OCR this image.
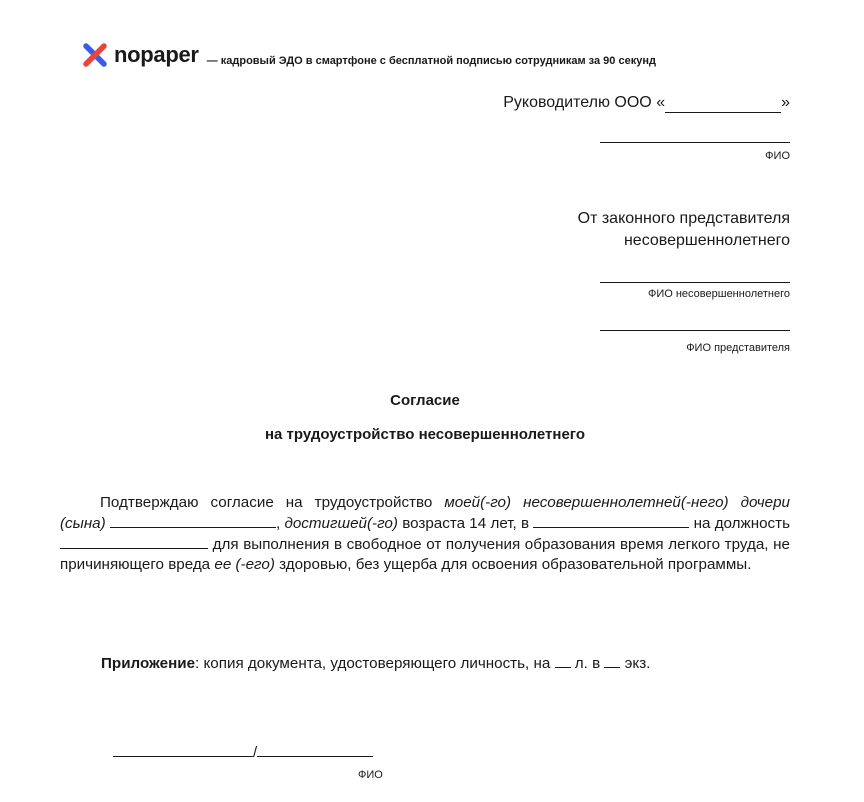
nopaper — кадровый ЭДО в смартфоне с бесплатной подписью сотрудникам за 90 секунд
Руководителю ООО «	»
ФИО
От законного представителя
несовершеннолетнего
ФИО несовершеннолетнего
ФИО представителя
Согласие
на трудоустройство несовершеннолетнего
Подтверждаю согласие на трудоустройство моей(-го) несовершеннолетней(-него) дочери (сына)	, достигшей(-го) возраста 14 лет, в	на должность  для выполнения в свободное от получения образования время легкого труда, не причиняющего вреда ее (-его) здоровью, без ущерба для освоения образовательной программы.
Приложение: копия документа, удостоверяющего личность, на л. в экз.
/
ФИО
